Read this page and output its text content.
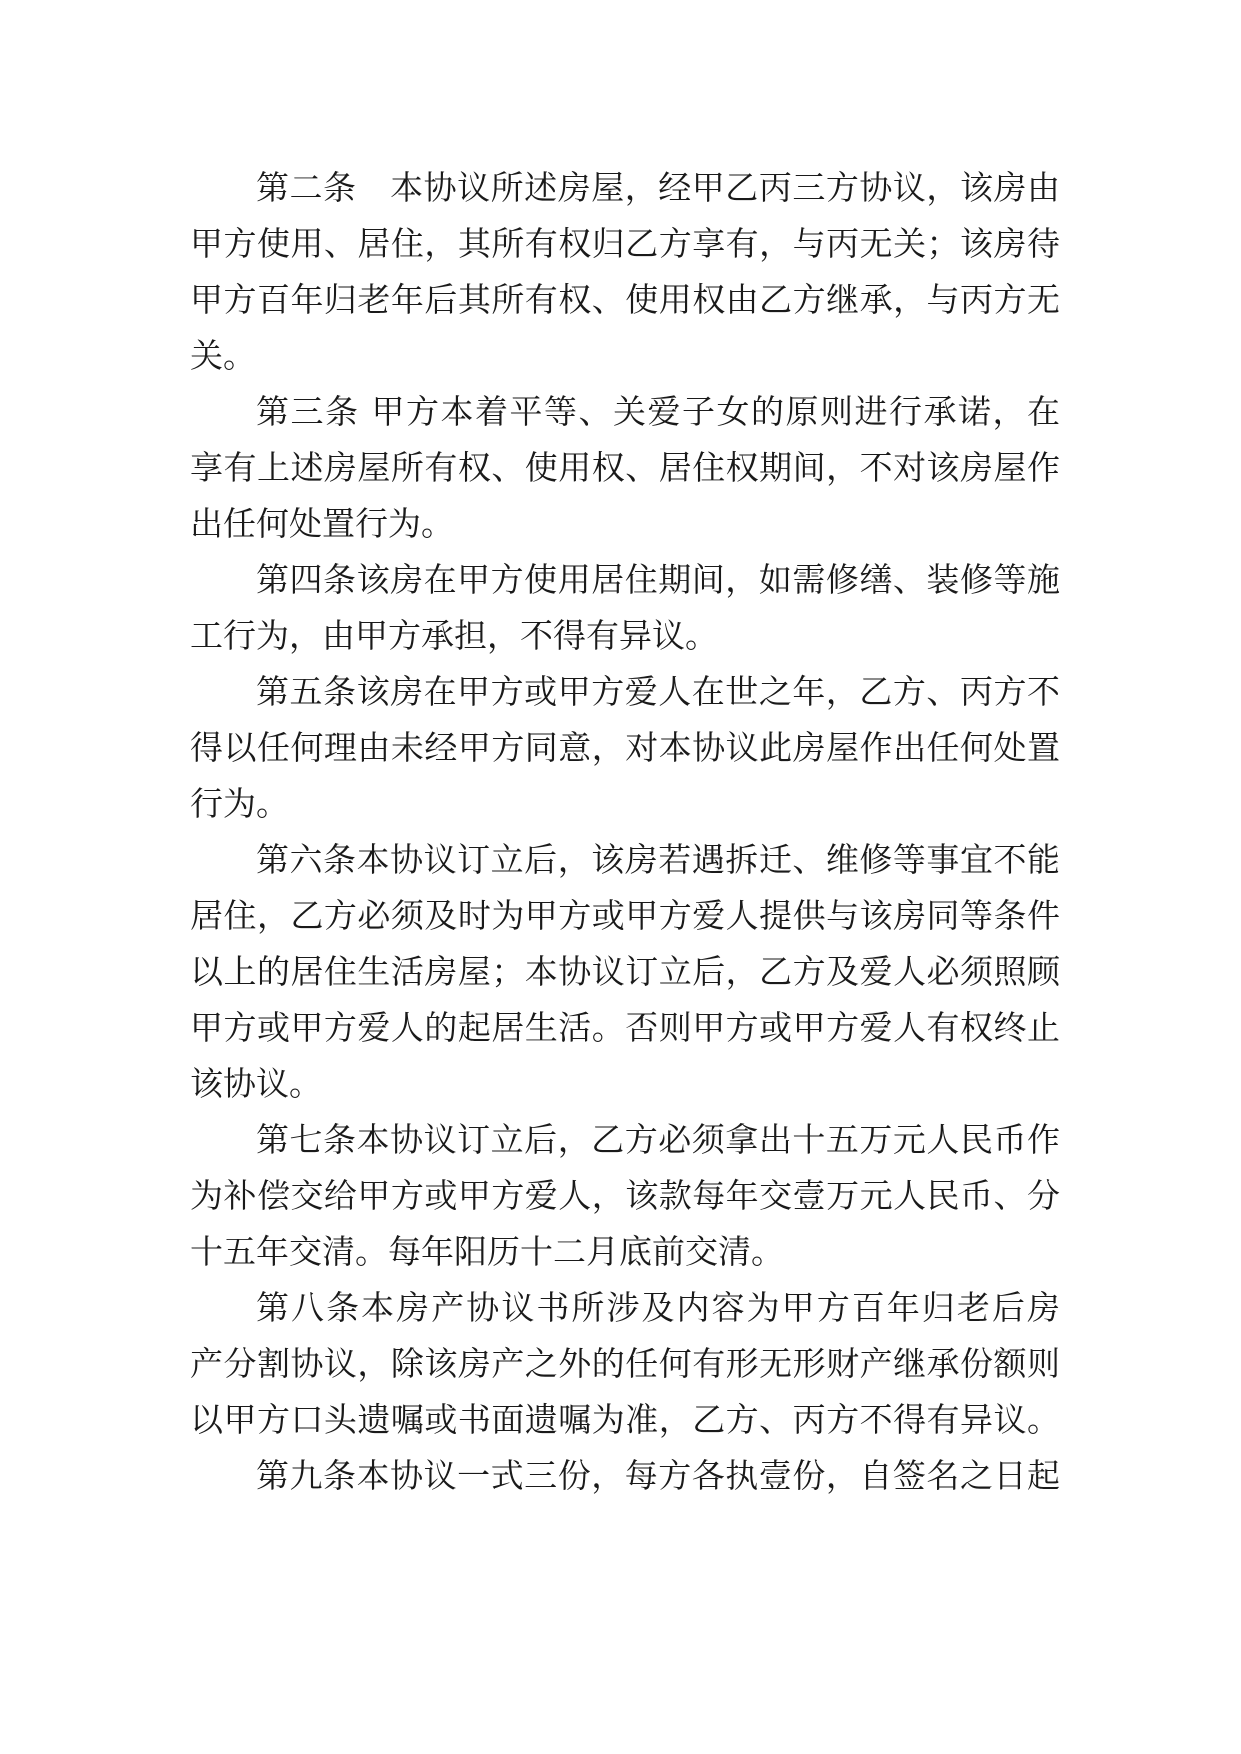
第二条　本协议所述房屋，经甲乙丙三方协议，该房由
甲方使用、居住，其所有权归乙方享有，与丙无关；该房待
甲方百年归老年后其所有权、使用权由乙方继承，与丙方无
关。
第三条 甲方本着平等、关爱子女的原则进行承诺，在
享有上述房屋所有权、使用权、居住权期间，不对该房屋作
出任何处置行为。
第四条该房在甲方使用居住期间，如需修缮、装修等施
工行为，由甲方承担，不得有异议。
第五条该房在甲方或甲方爱人在世之年，乙方、丙方不
得以任何理由未经甲方同意，对本协议此房屋作出任何处置
行为。
第六条本协议订立后，该房若遇拆迁、维修等事宜不能
居住，乙方必须及时为甲方或甲方爱人提供与该房同等条件
以上的居住生活房屋；本协议订立后，乙方及爱人必须照顾
甲方或甲方爱人的起居生活。否则甲方或甲方爱人有权终止
该协议。
第七条本协议订立后，乙方必须拿出十五万元人民币作
为补偿交给甲方或甲方爱人，该款每年交壹万元人民币、分
十五年交清。每年阳历十二月底前交清。
第八条本房产协议书所涉及内容为甲方百年归老后房
产分割协议，除该房产之外的任何有形无形财产继承份额则
以甲方口头遗嘱或书面遗嘱为准，乙方、丙方不得有异议。
第九条本协议一式三份，每方各执壹份，自签名之日起
